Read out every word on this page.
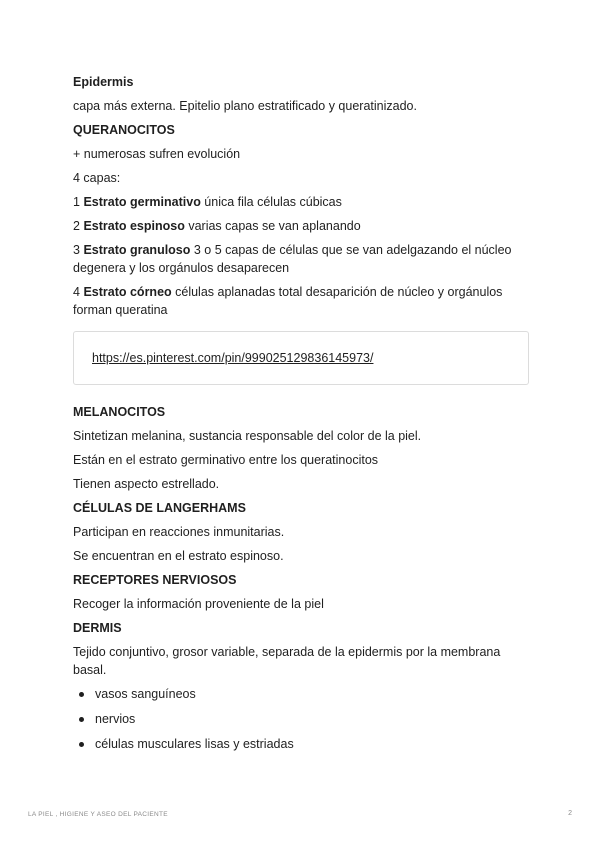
Epidermis
capa más externa. Epitelio plano estratificado y queratinizado.
QUERANOCITOS
+ numerosas sufren evolución
4 capas:
1 Estrato germinativo única fila células cúbicas
2 Estrato espinoso varias capas se van aplanando
3 Estrato granuloso 3 o 5 capas de células que se van adelgazando el núcleo degenera y los orgánulos desaparecen
4 Estrato córneo células aplanadas total desaparición de núcleo y orgánulos forman queratina
https://es.pinterest.com/pin/999025129836145973/
MELANOCITOS
Sintetizan melanina, sustancia responsable del color de la piel.
Están en el estrato germinativo entre los queratinocitos
Tienen aspecto estrellado.
CÉLULAS DE LANGERHAMS
Participan en reacciones inmunitarias.
Se encuentran en el estrato espinoso.
RECEPTORES NERVIOSOS
Recoger la información proveniente de la piel
DERMIS
Tejido conjuntivo, grosor variable, separada de la epidermis por la membrana basal.
vasos sanguíneos
nervios
células musculares lisas y estriadas
LA PIEL , HIGIENE Y ASEO DEL PACIENTE	2
